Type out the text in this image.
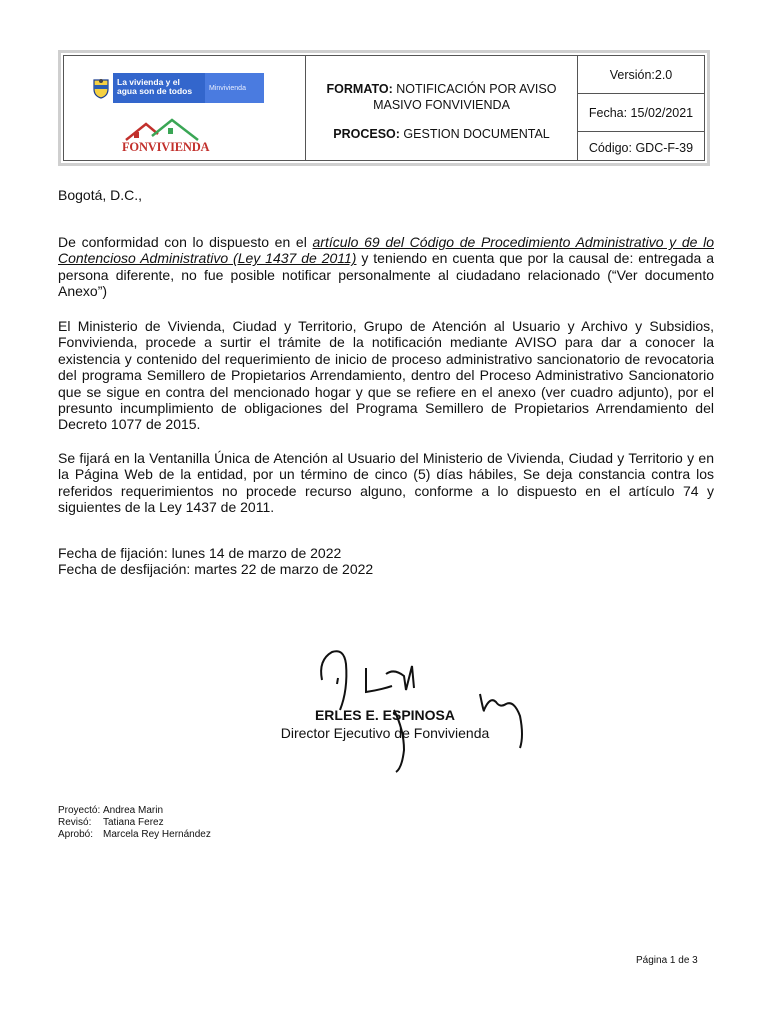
La vivienda y el agua son de todos	Minvivienda
FONVIVIENDA
FORMATO: NOTIFICACIÓN POR AVISO
MASIVO FONVIVIENDA
PROCESO: GESTION DOCUMENTAL
Versión:2.0
Fecha: 15/02/2021
Código: GDC-F-39
Bogotá, D.C.,
De conformidad con lo dispuesto en el artículo 69 del Código de Procedimiento Administrativo y de lo Contencioso Administrativo (Ley 1437 de 2011) y teniendo en cuenta que por la causal de: entregada a persona diferente, no fue posible notificar personalmente al ciudadano relacionado (“Ver documento Anexo”)
El Ministerio de Vivienda, Ciudad y Territorio, Grupo de Atención al Usuario y Archivo y Subsidios, Fonvivienda, procede a surtir el trámite de la notificación mediante AVISO para dar a conocer la existencia y contenido del requerimiento de inicio de proceso administrativo sancionatorio de revocatoria del programa Semillero de Propietarios Arrendamiento, dentro del Proceso Administrativo Sancionatorio que se sigue en contra del mencionado hogar y que se refiere en el anexo (ver cuadro adjunto), por el presunto incumplimiento de obligaciones del Programa Semillero de Propietarios Arrendamiento del Decreto 1077 de 2015.
Se fijará en la Ventanilla Única de Atención al Usuario del Ministerio de Vivienda, Ciudad y Territorio y en la Página Web de la entidad, por un término de cinco (5) días hábiles, Se deja constancia contra los referidos requerimientos no procede recurso alguno, conforme a lo dispuesto en el artículo 74 y siguientes de la Ley 1437 de 2011.
Fecha de fijación: lunes 14 de marzo de 2022
Fecha de desfijación: martes 22 de marzo de 2022
ERLES E. ESPINOSA
Director Ejecutivo de Fonvivienda
Proyectó: Andrea Marin
Revisó:	Tatiana Ferez
Aprobó: Marcela Rey Hernández
Página 1 de 3
